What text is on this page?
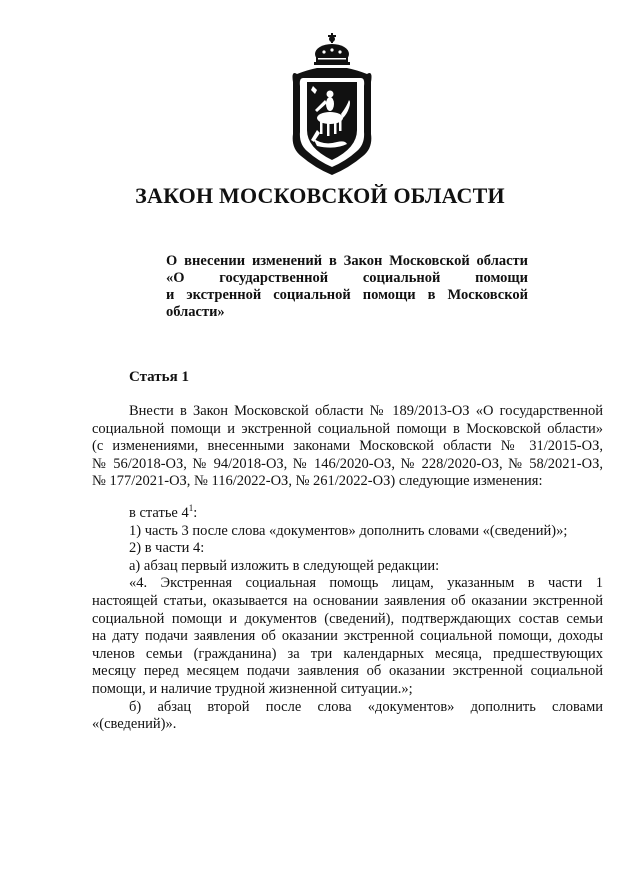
ЗАКОН МОСКОВСКОЙ ОБЛАСТИ
О внесении изменений в Закон Московской области
«О государственной социальной помощи
и экстренной социальной помощи в Московской
области»
Статья 1
Внести в Закон Московской области № 189/2013-ОЗ «О государственной
социальной помощи и экстренной социальной помощи в Московской области»
(с изменениями, внесенными законами Московской области № 31/2015-ОЗ,
№ 56/2018-ОЗ, № 94/2018-ОЗ, № 146/2020-ОЗ, № 228/2020-ОЗ, № 58/2021-ОЗ,
№ 177/2021-ОЗ, № 116/2022-ОЗ, № 261/2022-ОЗ) следующие изменения:
в статье $4^1$:
1) часть 3 после слова «документов» дополнить словами «(сведений)»;
2) в части 4:
а) абзац первый изложить в следующей редакции:
«4. Экстренная социальная помощь лицам, указанным в части 1
настоящей статьи, оказывается на основании заявления об оказании экстренной
социальной помощи и документов (сведений), подтверждающих состав семьи
на дату подачи заявления об оказании экстренной социальной помощи, доходы
членов семьи (гражданина) за три календарных месяца, предшествующих
месяцу перед месяцем подачи заявления об оказании экстренной социальной
помощи, и наличие трудной жизненной ситуации.»;
б) абзац второй после слова «документов» дополнить словами
«(сведений)».
